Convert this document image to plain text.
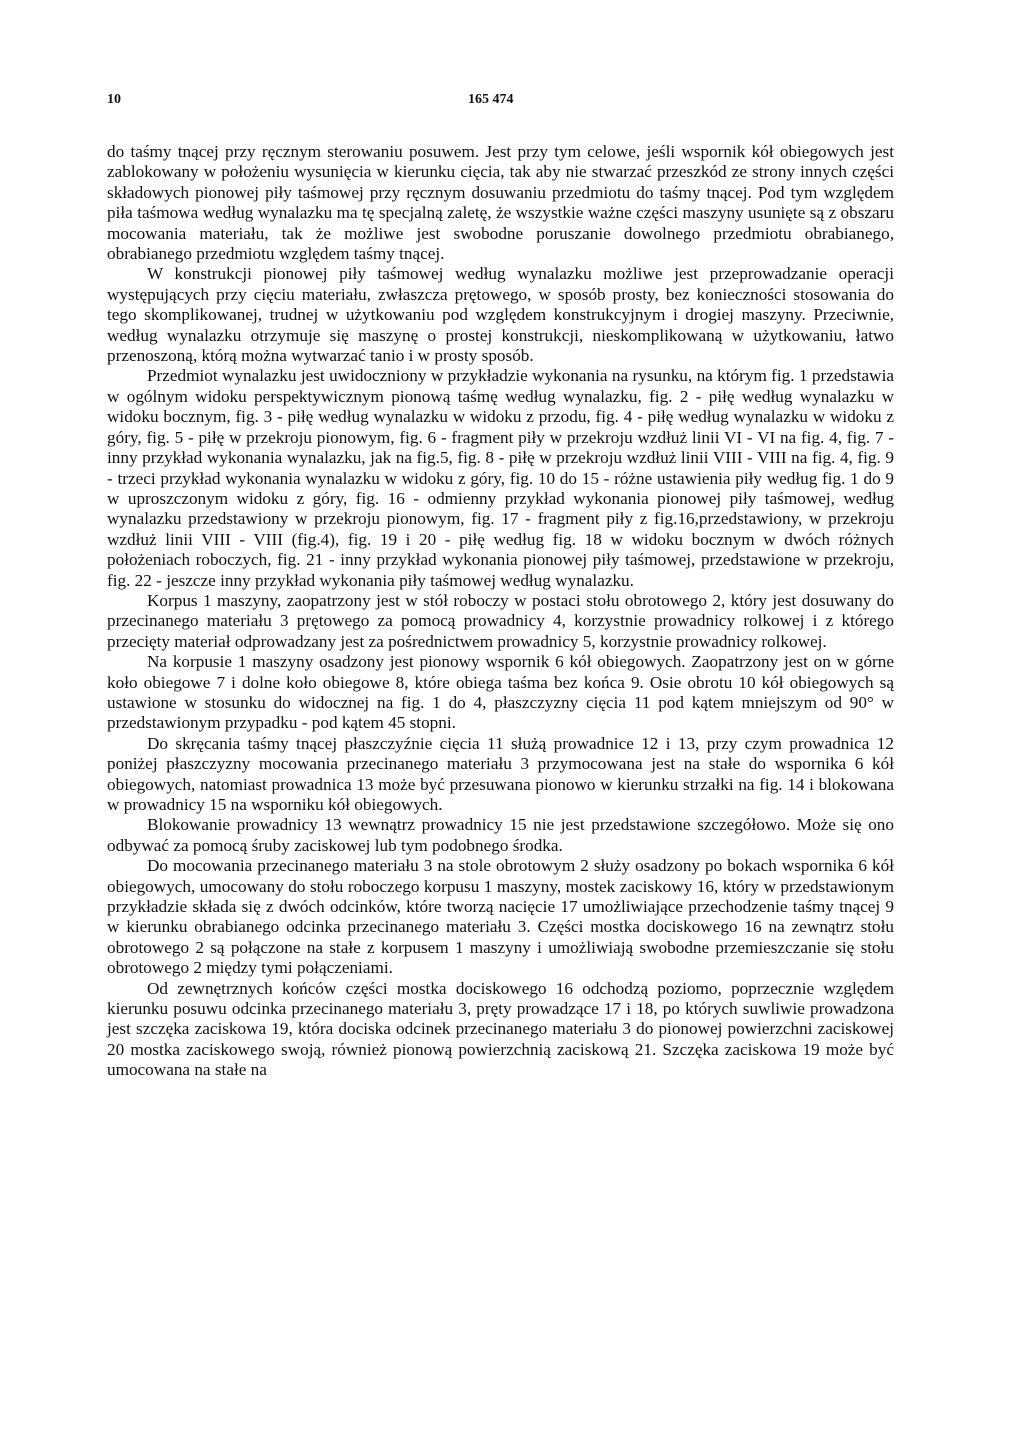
10	165 474

do taśmy tnącej przy ręcznym sterowaniu posuwem. Jest przy tym celowe, jeśli wspornik kół obiegowych jest zablokowany w położeniu wysunięcia w kierunku cięcia, tak aby nie stwarzać przeszkód ze strony innych części składowych pionowej piły taśmowej przy ręcznym dosuwaniu przedmiotu do taśmy tnącej. Pod tym względem piła taśmowa według wynalazku ma tę specjalną zaletę, że wszystkie ważne części maszyny usunięte są z obszaru mocowania materiału, tak że możliwe jest swobodne poruszanie dowolnego przedmiotu obrabianego, obrabianego przedmiotu względem taśmy tnącej.

W konstrukcji pionowej piły taśmowej według wynalazku możliwe jest przeprowadzanie operacji występujących przy cięciu materiału, zwłaszcza prętowego, w sposób prosty, bez konieczności stosowania do tego skomplikowanej, trudnej w użytkowaniu pod względem konstrukcyjnym i drogiej maszyny. Przeciwnie, według wynalazku otrzymuje się maszynę o prostej konstrukcji, nieskomplikowaną w użytkowaniu, łatwo przenoszoną, którą można wytwarzać tanio i w prosty sposób.

Przedmiot wynalazku jest uwidoczniony w przykładzie wykonania na rysunku, na którym fig. 1 przedstawia w ogólnym widoku perspektywicznym pionową taśmę według wynalazku, fig. 2 - piłę według wynalazku w widoku bocznym, fig. 3 - piłę według wynalazku w widoku z przodu, fig. 4 - piłę według wynalazku w widoku z góry, fig. 5 - piłę w przekroju pionowym, fig. 6 - fragment piły w przekroju wzdłuż linii VI - VI na fig. 4, fig. 7 - inny przykład wykonania wynalazku, jak na fig.5, fig. 8 - piłę w przekroju wzdłuż linii VIII - VIII na fig. 4, fig. 9 - trzeci przykład wykonania wynalazku w widoku z góry, fig. 10 do 15 - różne ustawienia piły według fig. 1 do 9 w uproszczonym widoku z góry, fig. 16 - odmienny przykład wykonania pionowej piły taśmowej, według wynalazku przedstawiony w przekroju pionowym, fig. 17 - fragment piły z fig.16,przedstawiony, w przekroju wzdłuż linii VIII - VIII (fig.4), fig. 19 i 20 - piłę według fig. 18 w widoku bocznym w dwóch różnych położeniach roboczych, fig. 21 - inny przykład wykonania pionowej piły taśmowej, przedstawione w przekroju, fig. 22 - jeszcze inny przykład wykonania piły taśmowej według wynalazku.

Korpus 1 maszyny, zaopatrzony jest w stół roboczy w postaci stołu obrotowego 2, który jest dosuwany do przecinanego materiału 3 prętowego za pomocą prowadnicy 4, korzystnie prowadnicy rolkowej i z którego przecięty materiał odprowadzany jest za pośrednictwem prowadnicy 5, korzystnie prowadnicy rolkowej.

Na korpusie 1 maszyny osadzony jest pionowy wspornik 6 kół obiegowych. Zaopatrzony jest on w górne koło obiegowe 7 i dolne koło obiegowe 8, które obiega taśma bez końca 9. Osie obrotu 10 kół obiegowych są ustawione w stosunku do widocznej na fig. 1 do 4, płaszczyzny cięcia 11 pod kątem mniejszym od 90° w przedstawionym przypadku - pod kątem 45 stopni.

Do skręcania taśmy tnącej płaszczyźnie cięcia 11 służą prowadnice 12 i 13, przy czym prowadnica 12 poniżej płaszczyzny mocowania przecinanego materiału 3 przymocowana jest na stałe do wspornika 6 kół obiegowych, natomiast prowadnica 13 może być przesuwana pionowo w kierunku strzałki na fig. 14 i blokowana w prowadnicy 15 na wsporniku kół obiegowych.

Blokowanie prowadnicy 13 wewnątrz prowadnicy 15 nie jest przedstawione szczegółowo. Może się ono odbywać za pomocą śruby zaciskowej lub tym podobnego środka.

Do mocowania przecinanego materiału 3 na stole obrotowym 2 służy osadzony po bokach wspornika 6 kół obiegowych, umocowany do stołu roboczego korpusu 1 maszyny, mostek zaciskowy 16, który w przedstawionym przykładzie składa się z dwóch odcinków, które tworzą nacięcie 17 umożliwiające przechodzenie taśmy tnącej 9 w kierunku obrabianego odcinka przecinanego materiału 3. Części mostka dociskowego 16 na zewnątrz stołu obrotowego 2 są połączone na stałe z korpusem 1 maszyny i umożliwiają swobodne przemieszczanie się stołu obrotowego 2 między tymi połączeniami.

Od zewnętrznych końców części mostka dociskowego 16 odchodzą poziomo, poprzecznie względem kierunku posuwu odcinka przecinanego materiału 3, pręty prowadzące 17 i 18, po których suwliwie prowadzona jest szczęka zaciskowa 19, która dociska odcinek przecinanego materiału 3 do pionowej powierzchni zaciskowej 20 mostka zaciskowego swoją, również pionową powierzchnią zaciskową 21. Szczęka zaciskowa 19 może być umocowana na stałe na
